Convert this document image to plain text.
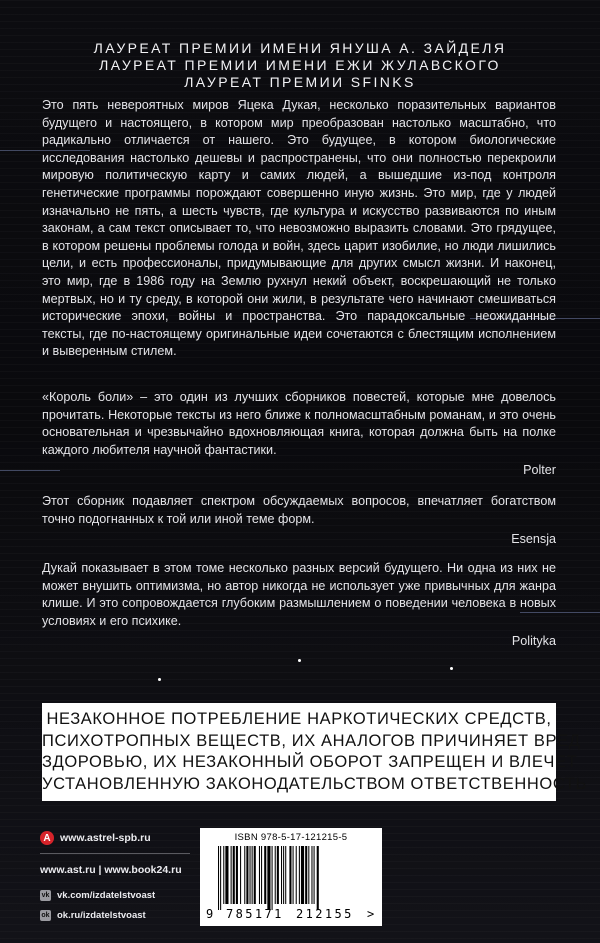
ЛАУРЕАТ ПРЕМИИ ИМЕНИ ЯНУША А. ЗАЙДЕЛЯ
ЛАУРЕАТ ПРЕМИИ ИМЕНИ ЕЖИ ЖУЛАВСКОГО
ЛАУРЕАТ ПРЕМИИ SFINKS

Это пять невероятных миров Яцека Дукая, несколько поразительных вариантов будущего и настоящего, в котором мир преобразован настолько масштабно, что радикально отличается от нашего. Это будущее, в котором биологические исследования настолько дешевы и распространены, что они полностью перекроили мировую политическую карту и самих людей, а вышедшие из-под контроля генетические программы порождают совершенно иную жизнь. Это мир, где у людей изначально не пять, а шесть чувств, где культура и искусство развиваются по иным законам, а сам текст описывает то, что невозможно выразить словами. Это грядущее, в котором решены проблемы голода и войн, здесь царит изобилие, но люди лишились цели, и есть профессионалы, придумывающие для других смысл жизни. И наконец, это мир, где в 1986 году на Землю рухнул некий объект, воскрешающий не только мертвых, но и ту среду, в которой они жили, в результате чего начинают смешиваться исторические эпохи, войны и пространства. Это парадоксальные неожиданные тексты, где по-настоящему оригинальные идеи сочетаются с блестящим исполнением и выверенным стилем.

«Король боли» – это один из лучших сборников повестей, которые мне довелось прочитать. Некоторые тексты из него ближе к полномасштабным романам, и это очень основательная и чрезвычайно вдохновляющая книга, которая должна быть на полке каждого любителя научной фантастики.

Polter

Этот сборник подавляет спектром обсуждаемых вопросов, впечатляет богатством точно подогнанных к той или иной теме форм.

Esensja

Дукай показывает в этом томе несколько разных версий будущего. Ни одна из них не может внушить оптимизма, но автор никогда не использует уже привычных для жанра клише. И это сопровождается глубоким размышлением о поведении человека в новых условиях и его психике.

Polityka
НЕЗАКОННОЕ ПОТРЕБЛЕНИЕ НАРКОТИЧЕСКИХ СРЕДСТВ,
ПСИХОТРОПНЫХ ВЕЩЕСТВ, ИХ АНАЛОГОВ ПРИЧИНЯЕТ ВРЕД
ЗДОРОВЬЮ, ИХ НЕЗАКОННЫЙ ОБОРОТ ЗАПРЕЩЕН И ВЛЕЧЕТ
УСТАНОВЛЕННУЮ ЗАКОНОДАТЕЛЬСТВОМ ОТВЕТСТВЕННОСТЬ
A www.astrel-spb.ru
www.ast.ru | www.book24.ru
vk vk.com/izdatelstvoast
ok ok.ru/izdatelstvoast
ISBN 978-5-17-121215-5
9 785171 212155 >
